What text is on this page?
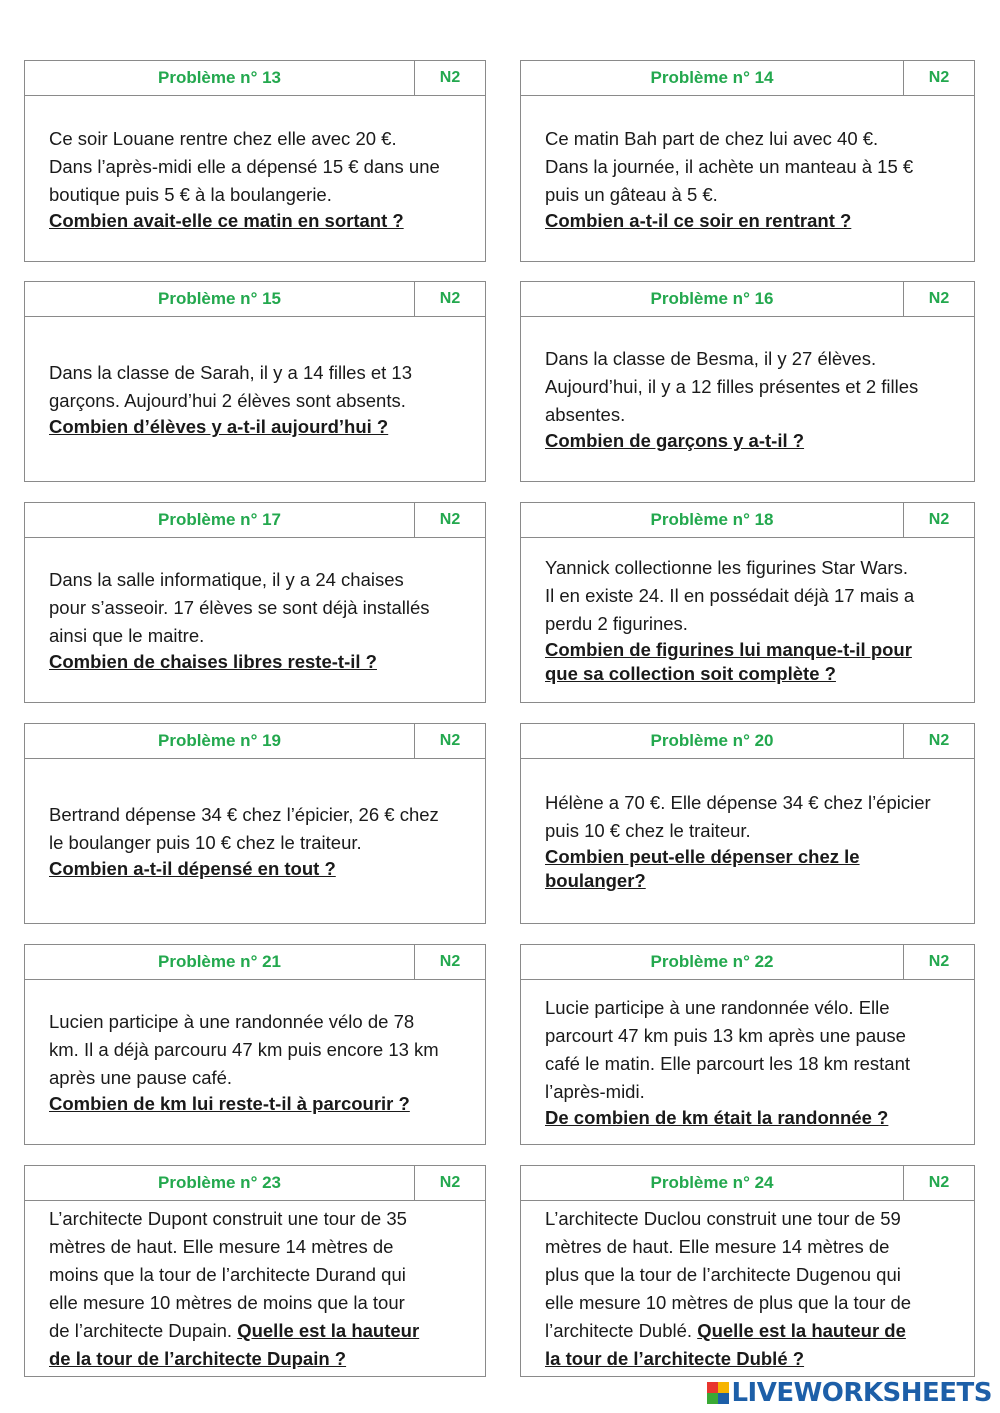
Problème n° 13	N2
Ce soir Louane rentre chez elle avec 20 €.
Dans l’après-midi elle a dépensé 15 € dans une
boutique puis 5 € à la boulangerie.
Combien avait-elle ce matin en sortant ?
Problème n° 14	N2
Ce matin Bah part de chez lui avec 40 €.
Dans la journée, il achète un manteau à 15 €
puis un gâteau à 5 €.
Combien a-t-il ce soir en rentrant ?
Problème n° 15	N2
Dans la classe de Sarah, il y a 14 filles et 13
garçons. Aujourd’hui 2 élèves sont absents.
Combien d’élèves y a-t-il aujourd’hui ?
Problème n° 16	N2
Dans la classe de Besma, il y 27 élèves.
Aujourd’hui, il y a 12 filles présentes et 2 filles
absentes.
Combien de garçons y a-t-il ?
Problème n° 17	N2
Dans la salle informatique, il y a 24 chaises
pour s’asseoir. 17 élèves se sont déjà installés
ainsi que le maitre.
Combien de chaises libres reste-t-il ?
Problème n° 18	N2
Yannick collectionne les figurines Star Wars.
Il en existe 24. Il en possédait déjà 17 mais a
perdu 2 figurines.
Combien de figurines lui manque-t-il pour
que sa collection soit complète ?
Problème n° 19	N2
Bertrand dépense 34 € chez l’épicier, 26 € chez
le boulanger puis 10 € chez le traiteur.
Combien a-t-il dépensé en tout ?
Problème n° 20	N2
Hélène a 70 €. Elle dépense 34 € chez l’épicier
puis 10 € chez le traiteur.
Combien peut-elle dépenser chez le
boulanger?
Problème n° 21	N2
Lucien participe à une randonnée vélo de 78
km. Il a déjà parcouru 47 km puis encore 13 km
après une pause café.
Combien de km lui reste-t-il à parcourir ?
Problème n° 22	N2
Lucie participe à une randonnée vélo. Elle
parcourt 47 km puis 13 km après une pause
café le matin. Elle parcourt les 18 km restant
l’après-midi.
De combien de km était la randonnée ?
Problème n° 23	N2
L’architecte Dupont construit une tour de 35
mètres de haut. Elle mesure 14 mètres de
moins que la tour de l’architecte Durand qui
elle mesure 10 mètres de moins que la tour
de l’architecte Dupain. Quelle est la hauteur
de la tour de l’architecte Dupain ?
Problème n° 24	N2
L’architecte Duclou construit une tour de 59
mètres de haut. Elle mesure 14 mètres de
plus que la tour de l’architecte Dugenou qui
elle mesure 10 mètres de plus que la tour de
l’architecte Dublé. Quelle est la hauteur de
la tour de l’architecte Dublé ?
LIVEWORKSHEETS
